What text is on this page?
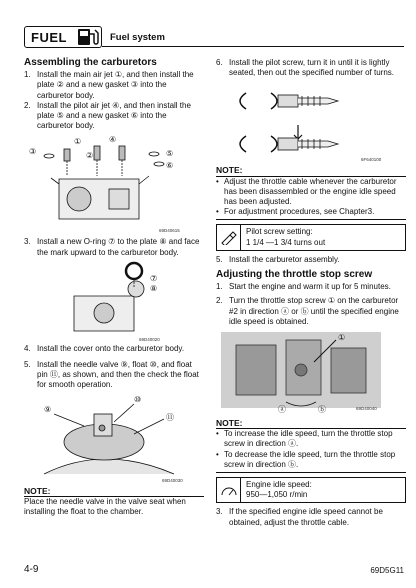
FUEL	Fuel system
Assembling the carburetors
1. Install the main air jet ①, and then install the plate ② and a new gasket ③ into the carburetor body.
2. Install the pilot air jet ④, and then install the plate ⑤ and a new gasket ⑥ into the carburetor body.
③
①
②
④
⑤
⑥
69D40615
3. Install a new O-ring ⑦ to the plate ⑧ and face the mark upward to the carburetor body.
⑦
⑧
69D40020
4. Install the cover onto the carburetor body.
5. Install the needle valve ⑨, float ⑩, and float pin ⑪, as shown, and then the check the float for smooth operation.
⑨
⑩
⑪
69D40030
NOTE:
Place the needle valve in the valve seat when installing the float to the chamber.
6. Install the pilot screw, turn it in until it is lightly seated, then out the specified number of turns.
6F640100
NOTE:
• Adjust the throttle cable whenever the carburetor has been disassembled or the engine idle speed has been adjusted.
• For adjustment procedures, see Chapter3.
Pilot screw setting:
1 1/4 —1 3/4 turns out
5. Install the carburetor assembly.
Adjusting the throttle stop screw
1. Start the engine and warm it up for 5 minutes.
2. Turn the throttle stop screw ① on the carburetor #2 in direction ⓐ or ⓑ until the specified engine idle speed is obtained.
①
ⓐ	ⓑ	69D40040
NOTE:
• To increase the idle speed, turn the throttle stop screw in direction ⓐ.
• To decrease the idle speed, turn the throttle stop screw in direction ⓑ.
Engine idle speed:
950—1,050 r/min
3. If the specified engine idle speed cannot be obtained, adjust the throttle cable.
4-9	69D5G11
